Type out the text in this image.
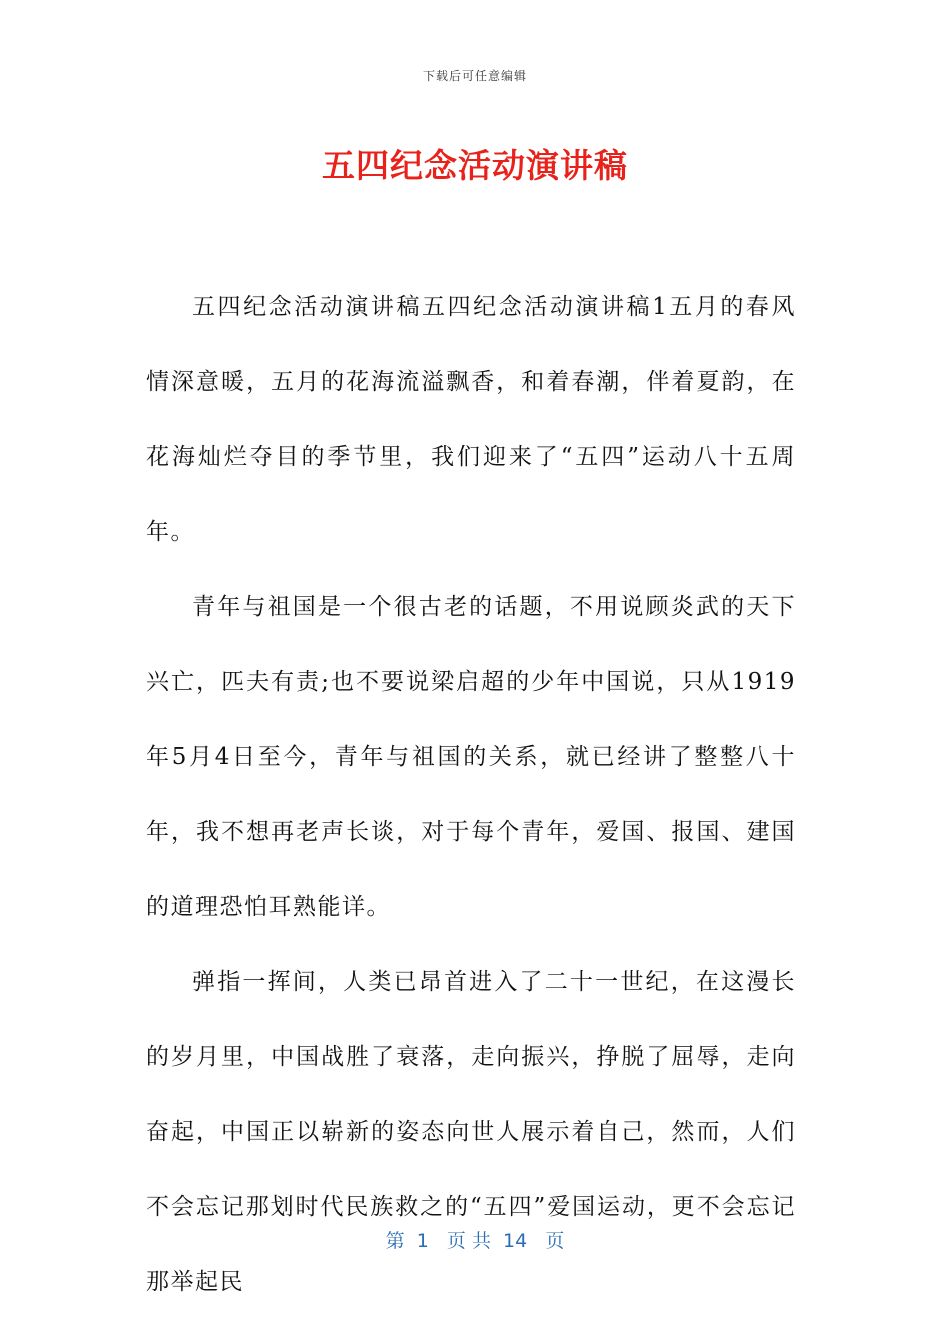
下载后可任意编辑
五四纪念活动演讲稿

五四纪念活动演讲稿五四纪念活动演讲稿1五月的春风情深意暖，五月的花海流溢飘香，和着春潮，伴着夏韵，在花海灿烂夺目的季节里，我们迎来了“五四”运动八十五周年。

青年与祖国是一个很古老的话题，不用说顾炎武的天下兴亡，匹夫有责;也不要说梁启超的少年中国说，只从1919年5月4日至今，青年与祖国的关系，就已经讲了整整八十年，我不想再老声长谈，对于每个青年，爱国、报国、建国的道理恐怕耳熟能详。

弹指一挥间，人类已昂首进入了二十一世纪，在这漫长的岁月里，中国战胜了衰落，走向振兴，挣脱了屈辱，走向奋起，中国正以崭新的姿态向世人展示着自己，然而，人们不会忘记那划时代民族救之的“五四”爱国运动，更不会忘记那举起民

第  1   页 共  14   页
